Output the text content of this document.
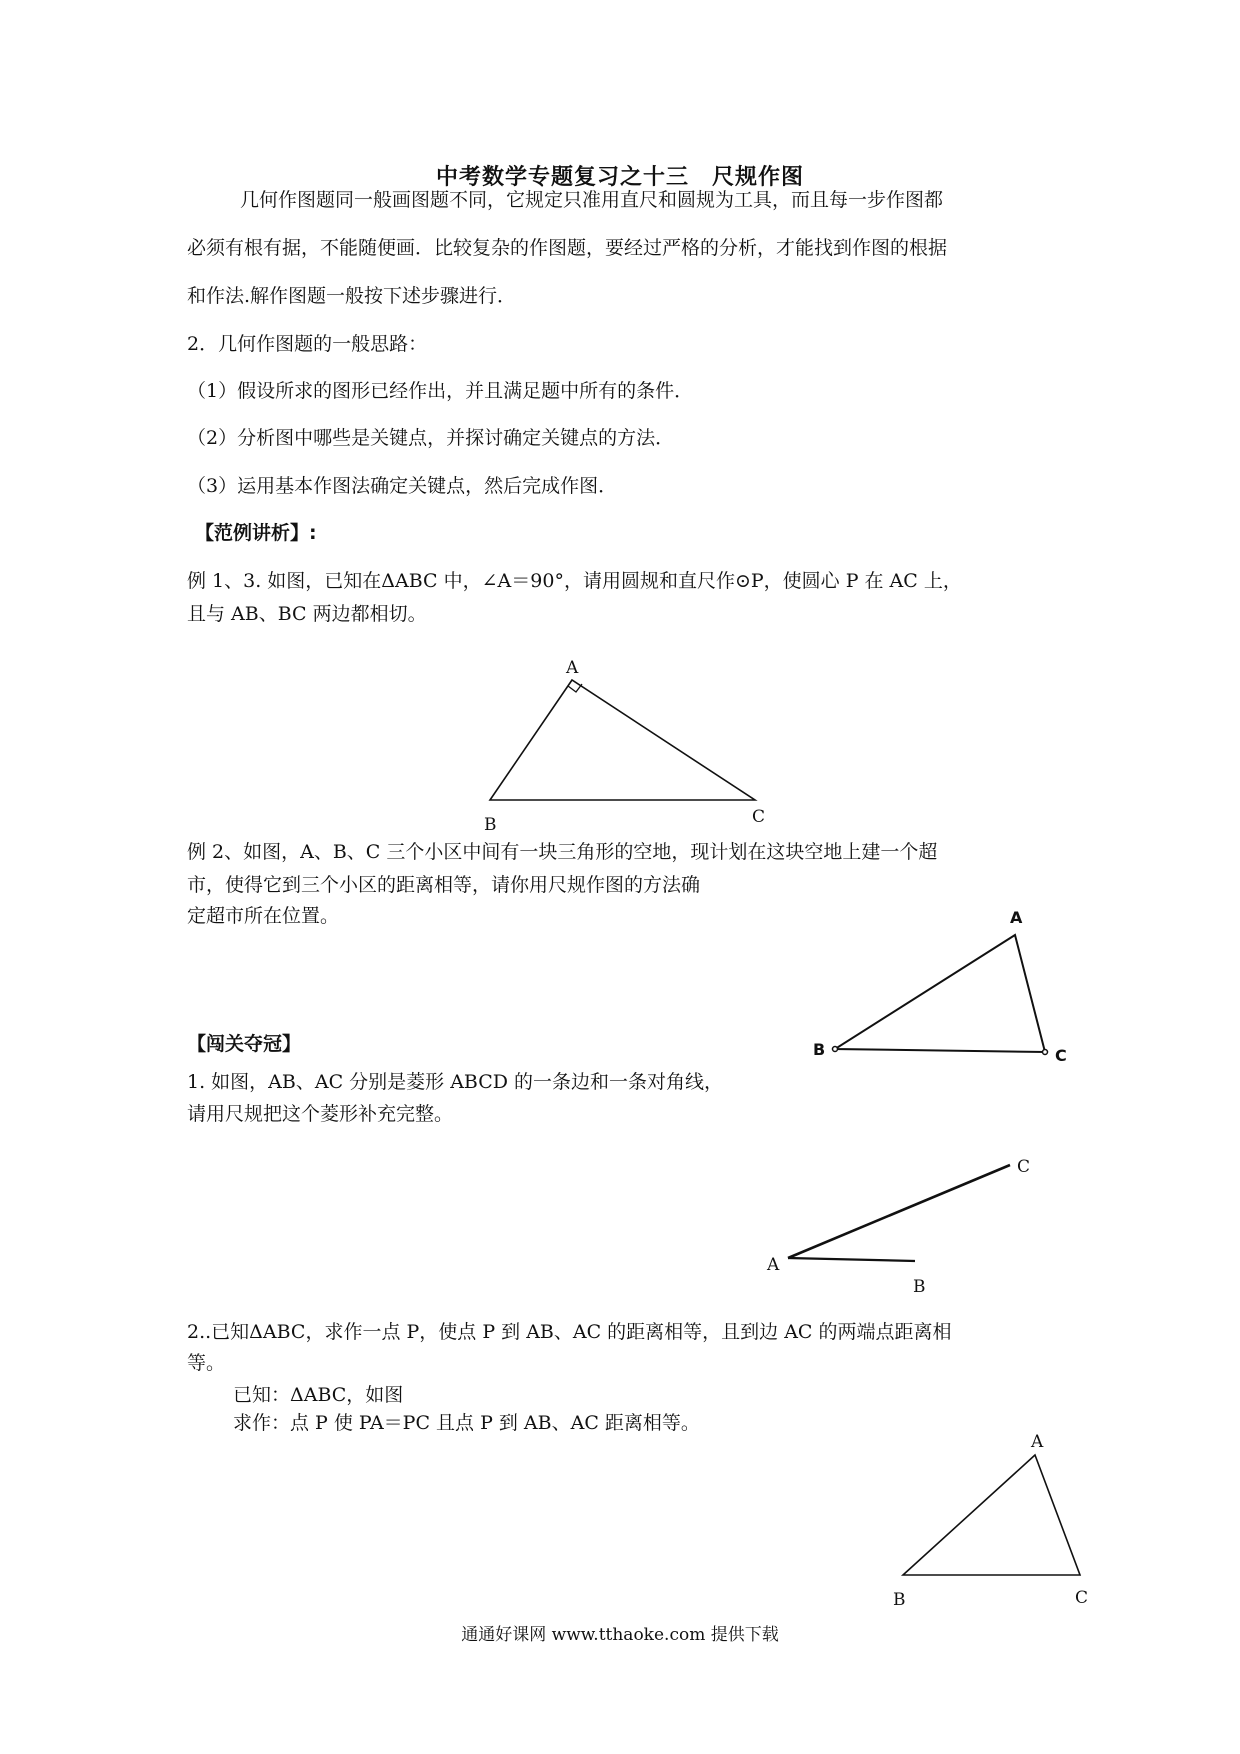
中考数学专题复习之十三　尺规作图
几何作图题同一般画图题不同，它规定只准用直尺和圆规为工具，而且每一步作图都
必须有根有据，不能随便画．比较复杂的作图题，要经过严格的分析，才能找到作图的根据
和作法.解作图题一般按下述步骤进行．
2．几何作图题的一般思路：
（1）假设所求的图形已经作出，并且满足题中所有的条件．
（2）分析图中哪些是关键点，并探讨确定关键点的方法．
（3）运用基本作图法确定关键点，然后完成作图．
【范例讲析】:
例 1、3. 如图，已知在ΔABC 中，∠A＝90°，请用圆规和直尺作⊙P，使圆心 P 在 AC 上，
且与 AB、BC 两边都相切。
A
B	C
例 2、如图，A、B、C 三个小区中间有一块三角形的空地，现计划在这块空地上建一个超
市，使得它到三个小区的距离相等，请你用尺规作图的方法确
定超市所在位置。	A
B	C
【闯关夺冠】
1. 如图，AB、AC 分别是菱形 ABCD 的一条边和一条对角线，
请用尺规把这个菱形补充完整。
A
B
C
2..已知ΔABC，求作一点 P，使点 P 到 AB、AC 的距离相等，且到边 AC 的两端点距离相
等。
已知：ΔABC，如图
求作：点 P 使 PA＝PC 且点 P 到 AB、AC 距离相等。
A
B	C
通通好课网 www.tthaoke.com 提供下载
